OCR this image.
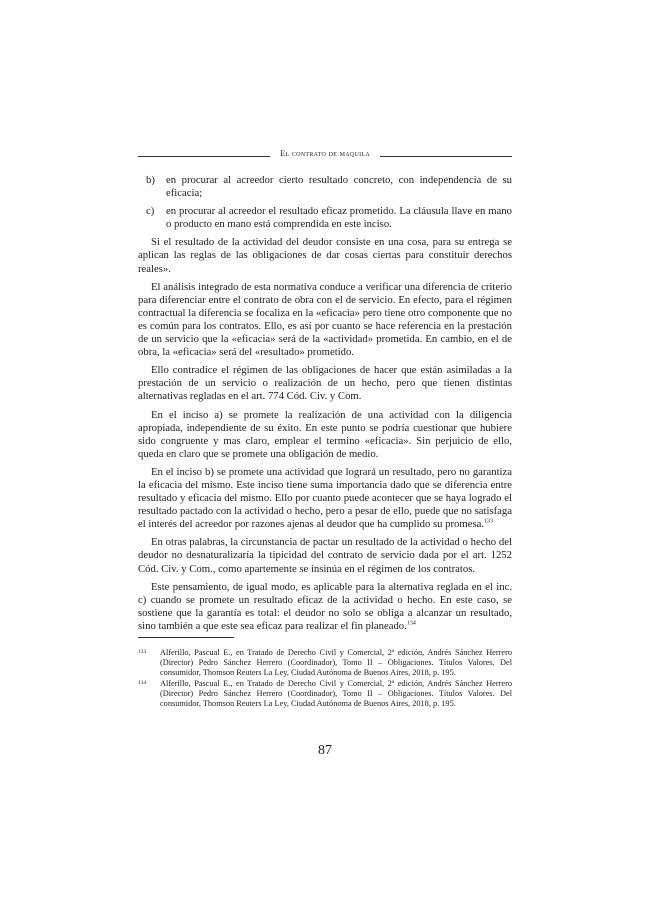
El contrato de maquila
b)	en procurar al acreedor cierto resultado concreto, con independencia de su eficacia;
c)	en procurar al acreedor el resultado eficaz prometido. La cláusula llave en mano o producto en mano está comprendida en este inciso.

Si el resultado de la actividad del deudor consiste en una cosa, para su entrega se aplican las reglas de las obligaciones de dar cosas ciertas para constituir derechos reales».

El análisis integrado de esta normativa conduce a verificar una diferencia de criterio para diferenciar entre el contrato de obra con el de servicio. En efecto, para el régimen contractual la diferencia se focaliza en la «eficacia» pero tiene otro componente que no es común para los contratos. Ello, es así por cuanto se hace referencia en la prestación de un servicio que la «eficacia» será de la «actividad» prometida. En cambio, en el de obra, la «eficacia» será del «resultado» prometido.

Ello contradice el régimen de las obligaciones de hacer que están asimiladas a la prestación de un servicio o realización de un hecho, pero que tienen distintas alternativas regladas en el art. 774 Cód. Civ. y Com.

En el inciso a) se promete la realización de una actividad con la diligencia apropiada, independiente de su éxito. En este punto se podría cuestionar que hubiere sido congruente y mas claro, emplear el termino «eficacia». Sin perjuicio de ello, queda en claro que se promete una obligación de medio.

En el inciso b) se promete una actividad que logrará un resultado, pero no garantiza la eficacia del mismo. Este inciso tiene suma importancia dado que se diferencia entre resultado y eficacia del mismo. Ello por cuanto puede acontecer que se haya logrado el resultado pactado con la actividad o hecho, pero a pesar de ello, puede que no satisfaga el interés del acreedor por razones ajenas al deudor que ha cumplido su promesa.$^{133}$

En otras palabras, la circunstancia de pactar un resultado de la actividad o hecho del deudor no desnaturalizaría la tipicidad del contrato de servicio dada por el art. 1252 Cód. Civ. y Com., como apartemente se insinúa en el régimen de los contratos.

Este pensamiento, de igual modo, es aplicable para la alternativa reglada en el inc. c) cuando se promete un resultado eficaz de la actividad o hecho. En este caso, se sostiene que la garantía es total: el deudor no solo se obliga a alcanzar un resultado, sino también a que este sea eficaz para realizar el fin planeado.$^{134}$

133	Alferillo, Pascual E., en Tratado de Derecho Civil y Comercial, 2ª edición, Andrés Sánchez Herrero (Director) Pedro Sánchez Herrero (Coordinador), Tomo II – Obligaciones. Títulos Valores. Del consumidor, Thomson Reuters La Ley, Ciudad Autónoma de Buenos Aires, 2018, p. 195.
134	Alferillo, Pascual E., en Tratado de Derecho Civil y Comercial, 2ª edición, Andrés Sánchez Herrero (Director) Pedro Sánchez Herrero (Coordinador), Tomo II – Obligaciones. Títulos Valores. Del consumidor, Thomson Reuters La Ley, Ciudad Autónoma de Buenos Aires, 2018, p. 195.
87
